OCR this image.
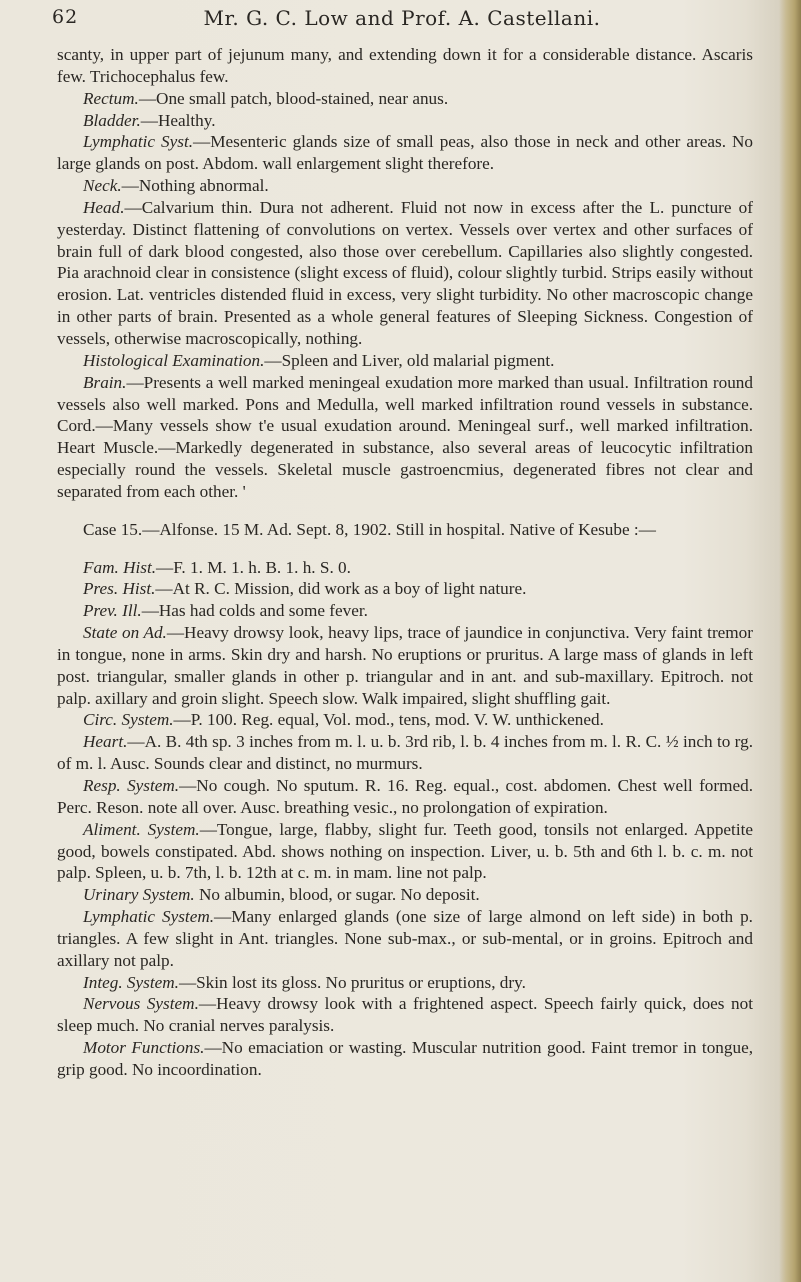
62	Mr. G. C. Low and Prof. A. Castellani.

scanty, in upper part of jejunum many, and extending down it for a considerable distance. Ascaris few. Trichocephalus few.

Rectum.—One small patch, blood-stained, near anus.

Bladder.—Healthy.

Lymphatic Syst.—Mesenteric glands size of small peas, also those in neck and other areas. No large glands on post. Abdom. wall enlargement slight therefore.

Neck.—Nothing abnormal.

Head.—Calvarium thin. Dura not adherent. Fluid not now in excess after the L. puncture of yesterday. Distinct flattening of convolutions on vertex. Vessels over vertex and other surfaces of brain full of dark blood congested, also those over cerebellum. Capillaries also slightly congested. Pia arachnoid clear in consistence (slight excess of fluid), colour slightly turbid. Strips easily without erosion. Lat. ventricles distended fluid in excess, very slight turbidity. No other macroscopic change in other parts of brain. Presented as a whole general features of Sleeping Sickness. Congestion of vessels, otherwise macroscopically, nothing.

Histological Examination.—Spleen and Liver, old malarial pigment.

Brain.—Presents a well marked meningeal exudation more marked than usual. Infiltration round vessels also well marked. Pons and Medulla, well marked infiltration round vessels in substance. Cord.—Many vessels show t'e usual exudation around. Meningeal surf., well marked infiltration. Heart Muscle.—Markedly degenerated in substance, also several areas of leucocytic infiltration especially round the vessels. Skeletal muscle gastroencmius, degenerated fibres not clear and separated from each other. '

Case 15.—Alfonse. 15 M. Ad. Sept. 8, 1902. Still in hospital. Native of Kesube :—

Fam. Hist.—F. 1. M. 1. h. B. 1. h. S. 0.

Pres. Hist.—At R. C. Mission, did work as a boy of light nature.

Prev. Ill.—Has had colds and some fever.

State on Ad.—Heavy drowsy look, heavy lips, trace of jaundice in conjunctiva. Very faint tremor in tongue, none in arms. Skin dry and harsh. No eruptions or pruritus. A large mass of glands in left post. triangular, smaller glands in other p. triangular and in ant. and sub-maxillary. Epitroch. not palp. axillary and groin slight. Speech slow. Walk impaired, slight shuffling gait.

Circ. System.—P. 100. Reg. equal, Vol. mod., tens, mod. V. W. unthickened.

Heart.—A. B. 4th sp. 3 inches from m. l. u. b. 3rd rib, l. b. 4 inches from m. l. R. C. ½ inch to rg. of m. l. Ausc. Sounds clear and distinct, no murmurs.

Resp. System.—No cough. No sputum. R. 16. Reg. equal., cost. abdomen. Chest well formed. Perc. Reson. note all over. Ausc. breathing vesic., no prolongation of expiration.

Aliment. System.—Tongue, large, flabby, slight fur. Teeth good, tonsils not enlarged. Appetite good, bowels constipated. Abd. shows nothing on inspection. Liver, u. b. 5th and 6th l. b. c. m. not palp. Spleen, u. b. 7th, l. b. 12th at c. m. in mam. line not palp.

Urinary System. No albumin, blood, or sugar. No deposit.

Lymphatic System.—Many enlarged glands (one size of large almond on left side) in both p. triangles. A few slight in Ant. triangles. None sub-max., or sub-mental, or in groins. Epitroch and axillary not palp.

Integ. System.—Skin lost its gloss. No pruritus or eruptions, dry.

Nervous System.—Heavy drowsy look with a frightened aspect. Speech fairly quick, does not sleep much. No cranial nerves paralysis.

Motor Functions.—No emaciation or wasting. Muscular nutrition good. Faint tremor in tongue, grip good. No incoordination.
